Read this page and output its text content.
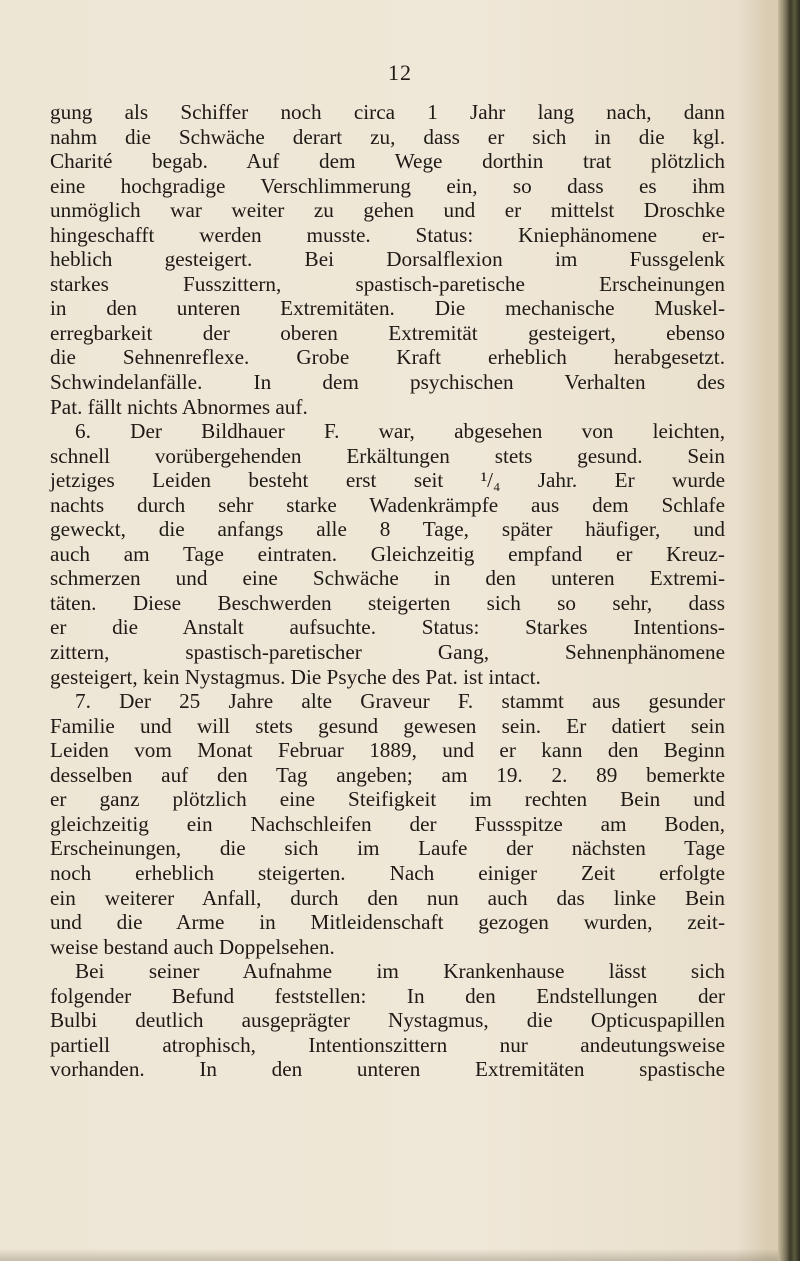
12
gung als Schiffer noch circa 1 Jahr lang nach, dann
nahm die Schwäche derart zu, dass er sich in die kgl.
Charité begab. Auf dem Wege dorthin trat plötzlich
eine hochgradige Verschlimmerung ein, so dass es ihm
unmöglich war weiter zu gehen und er mittelst Droschke
hingeschafft werden musste. Status: Kniephänomene er-
heblich gesteigert. Bei Dorsalflexion im Fussgelenk
starkes Fusszittern, spastisch-paretische Erscheinungen
in den unteren Extremitäten. Die mechanische Muskel-
erregbarkeit der oberen Extremität gesteigert, ebenso
die Sehnenreflexe. Grobe Kraft erheblich herabgesetzt.
Schwindelanfälle. In dem psychischen Verhalten des
Pat. fällt nichts Abnormes auf.
6. Der Bildhauer F. war, abgesehen von leichten,
schnell vorübergehenden Erkältungen stets gesund. Sein
jetziges Leiden besteht erst seit ¹/₄ Jahr. Er wurde
nachts durch sehr starke Wadenkrämpfe aus dem Schlafe
geweckt, die anfangs alle 8 Tage, später häufiger, und
auch am Tage eintraten. Gleichzeitig empfand er Kreuz-
schmerzen und eine Schwäche in den unteren Extremi-
täten. Diese Beschwerden steigerten sich so sehr, dass
er die Anstalt aufsuchte. Status: Starkes Intentions-
zittern, spastisch-paretischer Gang, Sehnenphänomene
gesteigert, kein Nystagmus. Die Psyche des Pat. ist intact.
7. Der 25 Jahre alte Graveur F. stammt aus gesunder
Familie und will stets gesund gewesen sein. Er datiert sein
Leiden vom Monat Februar 1889, und er kann den Beginn
desselben auf den Tag angeben; am 19. 2. 89 bemerkte
er ganz plötzlich eine Steifigkeit im rechten Bein und
gleichzeitig ein Nachschleifen der Fussspitze am Boden,
Erscheinungen, die sich im Laufe der nächsten Tage
noch erheblich steigerten. Nach einiger Zeit erfolgte
ein weiterer Anfall, durch den nun auch das linke Bein
und die Arme in Mitleidenschaft gezogen wurden, zeit-
weise bestand auch Doppelsehen.
Bei seiner Aufnahme im Krankenhause lässt sich
folgender Befund feststellen: In den Endstellungen der
Bulbi deutlich ausgeprägter Nystagmus, die Opticuspapillen
partiell atrophisch, Intentionszittern nur andeutungsweise
vorhanden. In den unteren Extremitäten spastische
